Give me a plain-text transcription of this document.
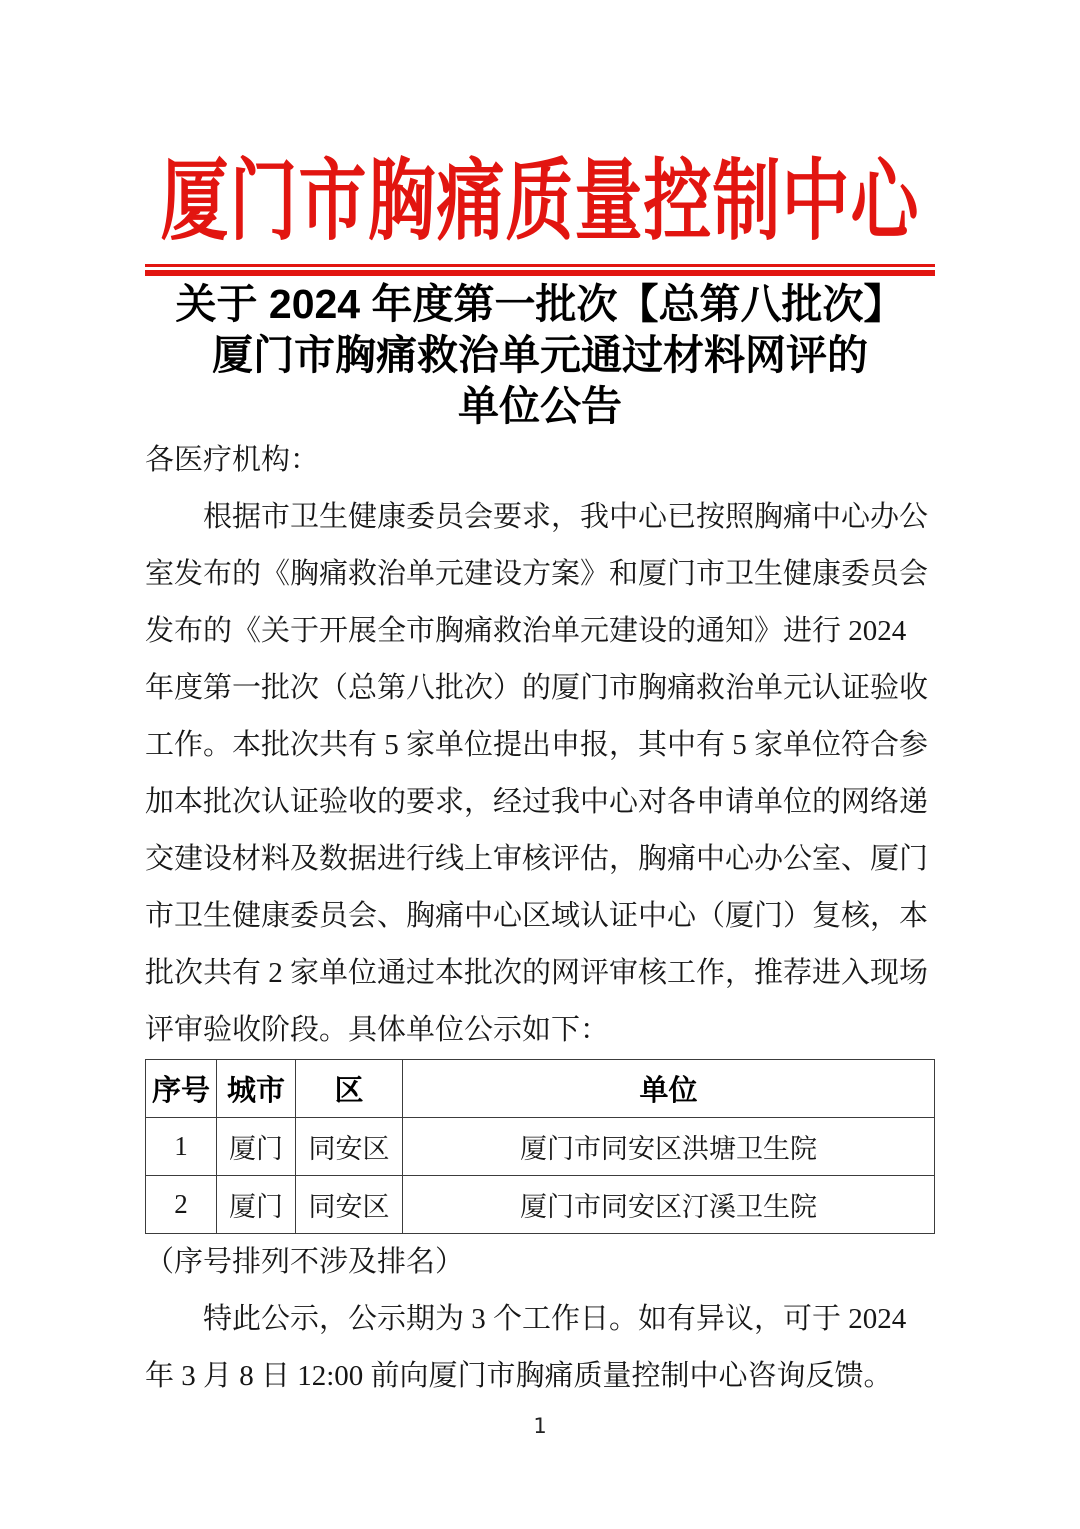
厦门市胸痛质量控制中心
关于 2024 年度第一批次【总第八批次】
厦门市胸痛救治单元通过材料网评的
单位公告
各医疗机构：
根据市卫生健康委员会要求，我中心已按照胸痛中心办公
室发布的《胸痛救治单元建设方案》和厦门市卫生健康委员会
发布的《关于开展全市胸痛救治单元建设的通知》进行 2024
年度第一批次（总第八批次）的厦门市胸痛救治单元认证验收
工作。本批次共有 5 家单位提出申报，其中有 5 家单位符合参
加本批次认证验收的要求，经过我中心对各申请单位的网络递
交建设材料及数据进行线上审核评估，胸痛中心办公室、厦门
市卫生健康委员会、胸痛中心区域认证中心（厦门）复核，本
批次共有 2 家单位通过本批次的网评审核工作，推荐进入现场
评审验收阶段。具体单位公示如下：
序号	城市	区	单位
1	厦门	同安区	厦门市同安区洪塘卫生院
2	厦门	同安区	厦门市同安区汀溪卫生院
（序号排列不涉及排名）
特此公示，公示期为 3 个工作日。如有异议，可于 2024
年 3 月 8 日 12:00 前向厦门市胸痛质量控制中心咨询反馈。
1
